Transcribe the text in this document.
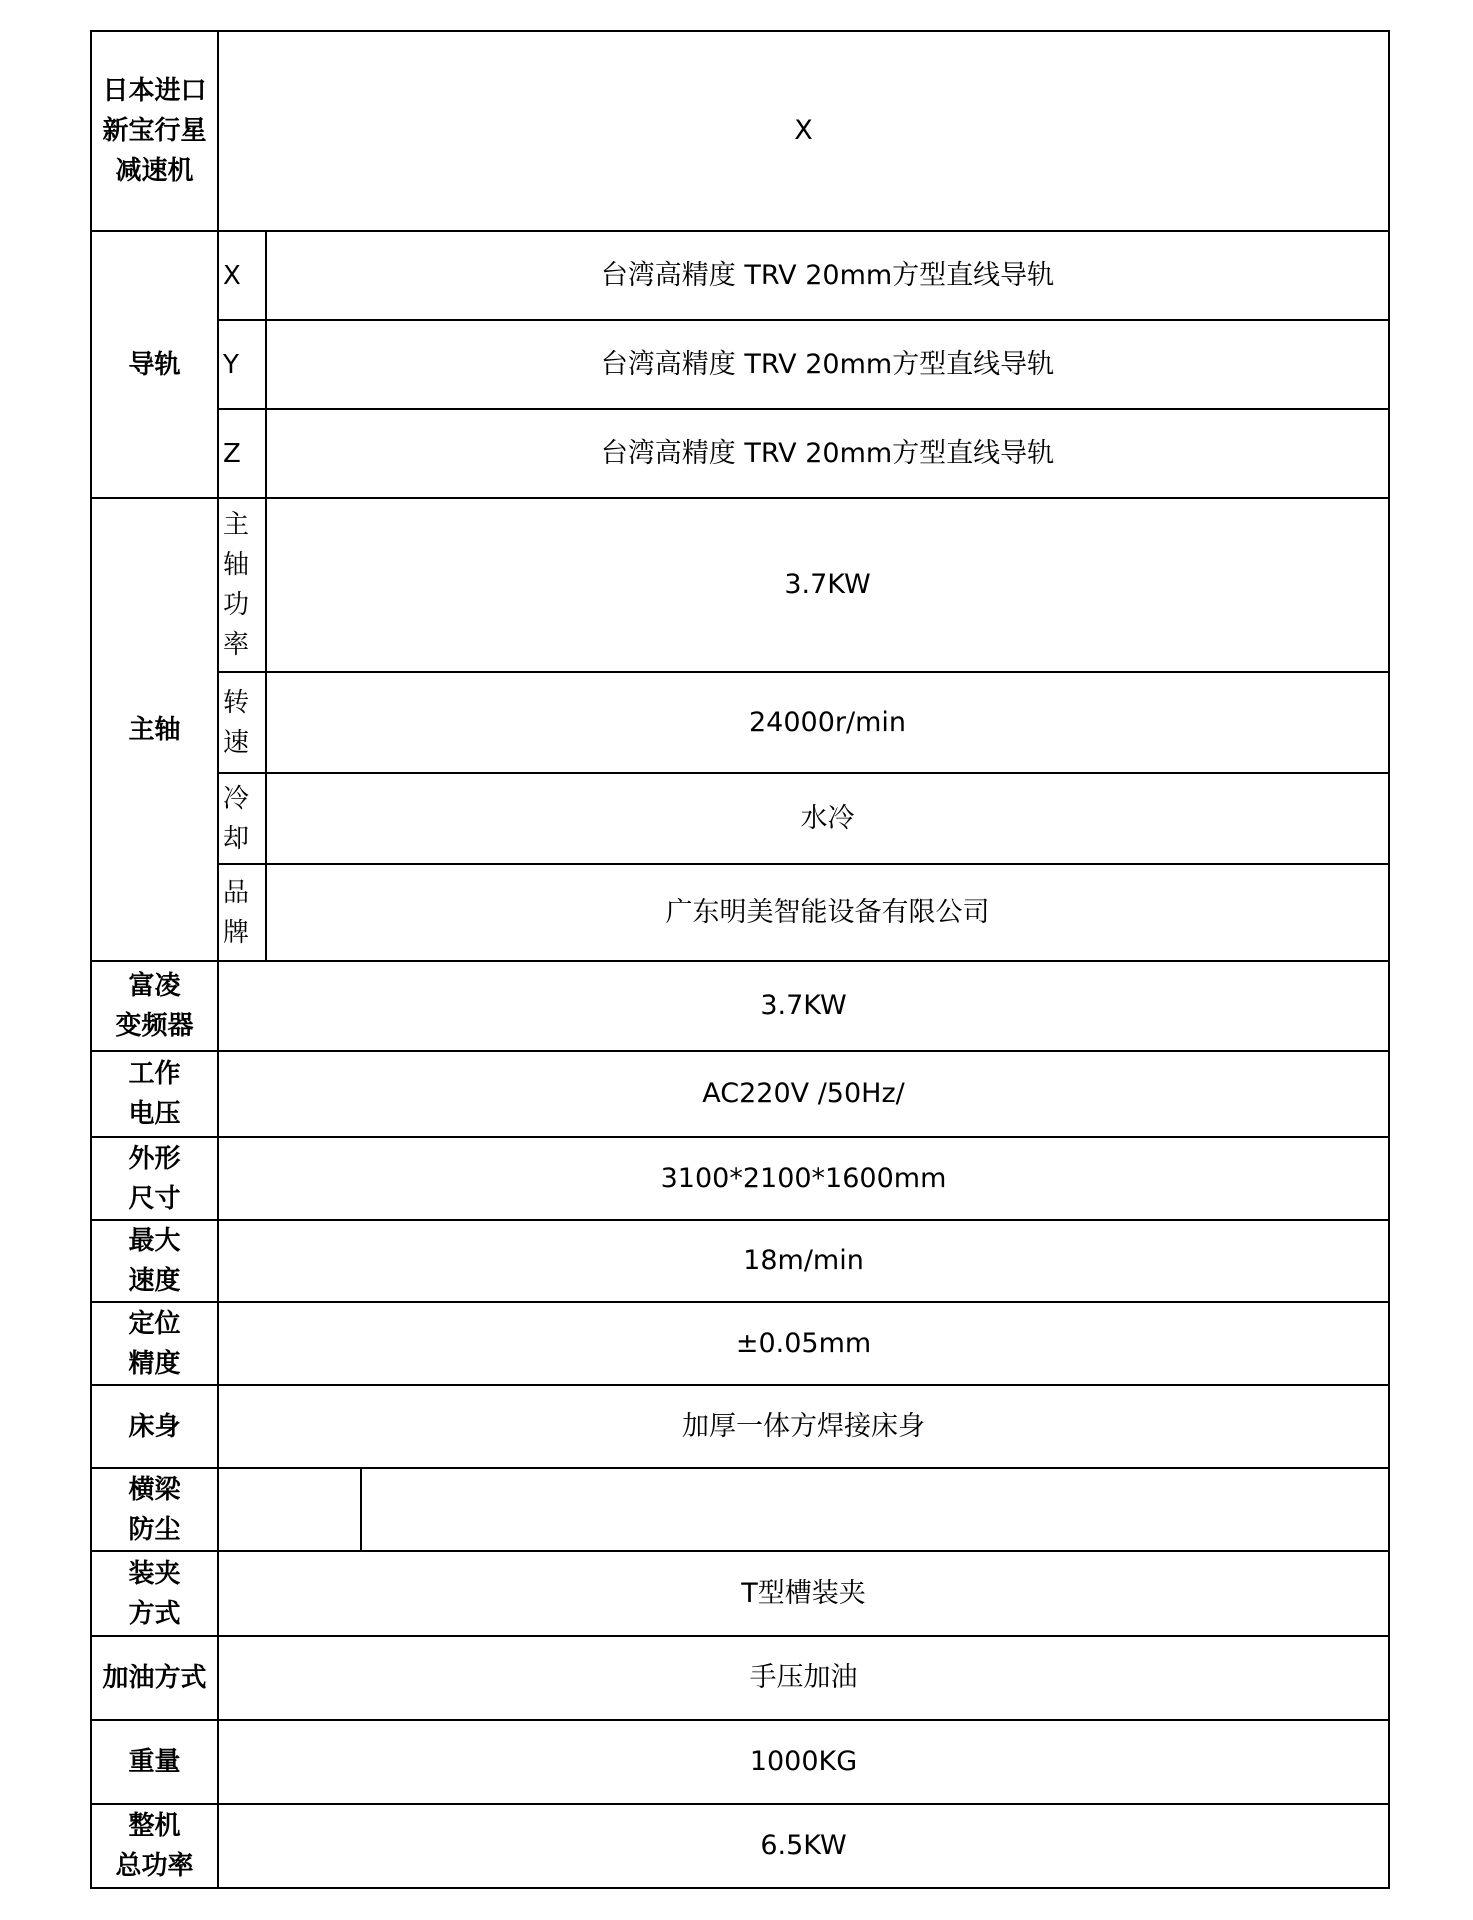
日本进口
新宝行星
减速机	X		
导轨	X	台湾高精度 TRV 20mm方型直线导轨	
	Y	台湾高精度 TRV 20mm方型直线导轨	
	Z	台湾高精度 TRV 20mm方型直线导轨	
主轴	主
轴
功
率	3.7KW	

	转
速	24000r/min	

	冷
却	水冷	

	品
牌	广东明美智能设备有限公司	

富凌
变频器	3.7KW		

工作
电压	AC220V /50Hz/		

外形
尺寸	3100*2100*1600mm		

最大
速度	18m/min		

定位
精度	±0.05mm		
床身	加厚一体方焊接床身		

横梁
防尘			

装夹
方式	T型槽装夹		
加油方式	手压加油		
重量	1000KG		

整机
总功率	6.5KW		
